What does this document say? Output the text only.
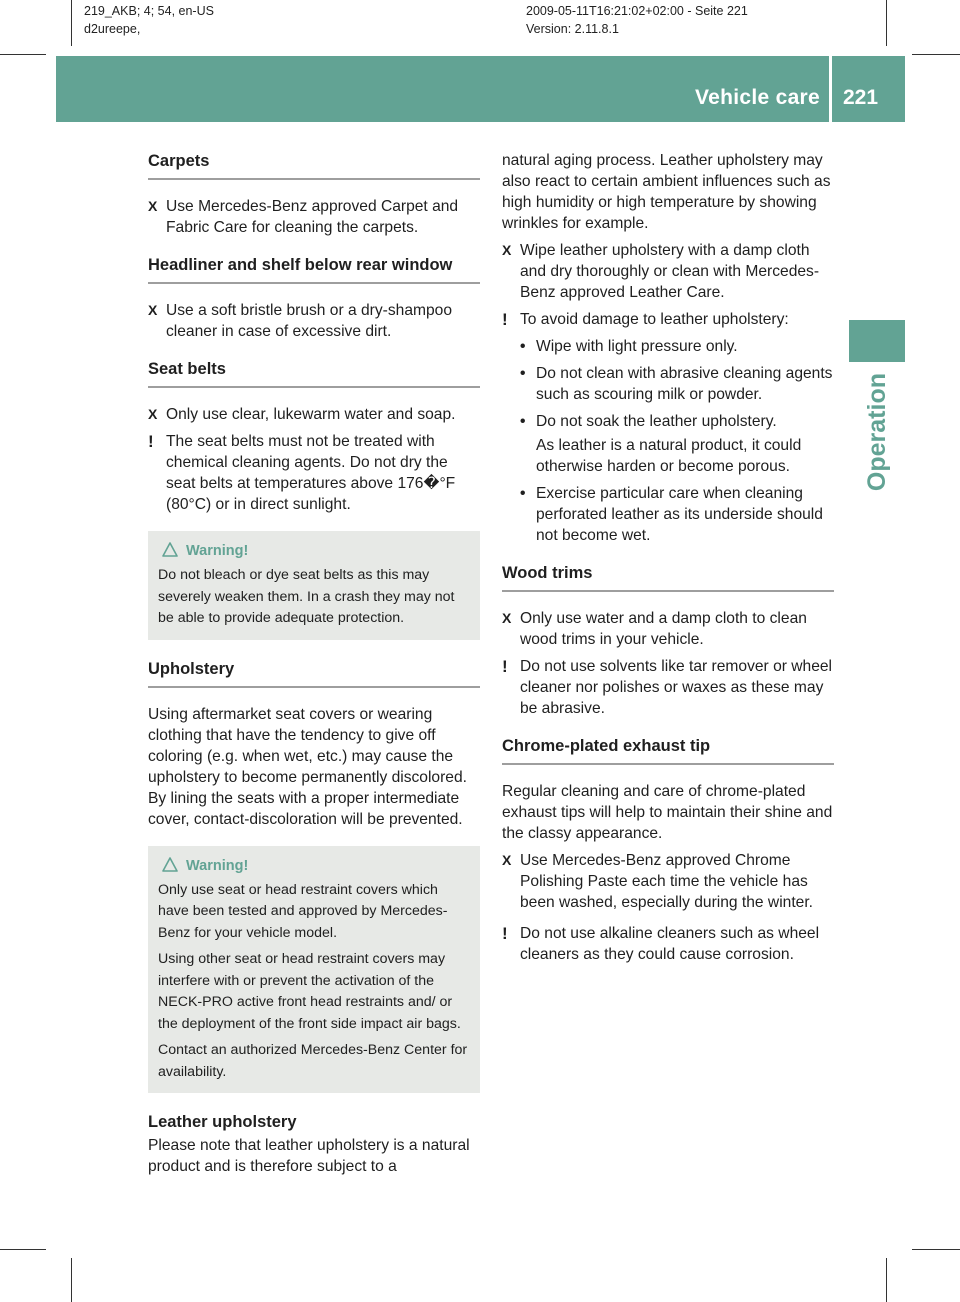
219_AKB; 4; 54, en-US
d2ureepe,
2009-05-11T16:21:02+02:00 - Seite 221
Version: 2.11.8.1
Vehicle care 221
Operation
Carpets
X Use Mercedes-Benz approved Carpet and Fabric Care for cleaning the carpets.
Headliner and shelf below rear window
X Use a soft bristle brush or a dry-shampoo cleaner in case of excessive dirt.
Seat belts
X Only use clear, lukewarm water and soap.
! The seat belts must not be treated with chemical cleaning agents. Do not dry the seat belts at temperatures above 176�°F (80°C) or in direct sunlight.
Warning!

Do not bleach or dye seat belts as this may severely weaken them. In a crash they may not be able to provide adequate protection.

Upholstery

Using aftermarket seat covers or wearing clothing that have the tendency to give off coloring (e.g. when wet, etc.) may cause the upholstery to become permanently discolored. By lining the seats with a proper intermediate cover, contact-discoloration will be prevented.

Warning!

Only use seat or head restraint covers which have been tested and approved by Mercedes-Benz for your vehicle model.

Using other seat or head restraint covers may interfere with or prevent the activation of the NECK-PRO active front head restraints and/ or the deployment of the front side impact air bags.

Contact an authorized Mercedes-Benz Center for availability.

Leather upholstery

Please note that leather upholstery is a natural product and is therefore subject to a

natural aging process. Leather upholstery may also react to certain ambient influences such as high humidity or high temperature by showing wrinkles for example.

X Wipe leather upholstery with a damp cloth and dry thoroughly or clean with Mercedes-Benz approved Leather Care.
! To avoid damage to leather upholstery:
• Wipe with light pressure only.
• Do not clean with abrasive cleaning agents such as scouring milk or powder.
• Do not soak the leather upholstery.
As leather is a natural product, it could otherwise harden or become porous.
• Exercise particular care when cleaning perforated leather as its underside should not become wet.
Wood trims
X Only use water and a damp cloth to clean wood trims in your vehicle.
! Do not use solvents like tar remover or wheel cleaner nor polishes or waxes as these may be abrasive.
Chrome-plated exhaust tip

Regular cleaning and care of chrome-plated exhaust tips will help to maintain their shine and the classy appearance.

X Use Mercedes-Benz approved Chrome Polishing Paste each time the vehicle has been washed, especially during the winter.
! Do not use alkaline cleaners such as wheel cleaners as they could cause corrosion.
